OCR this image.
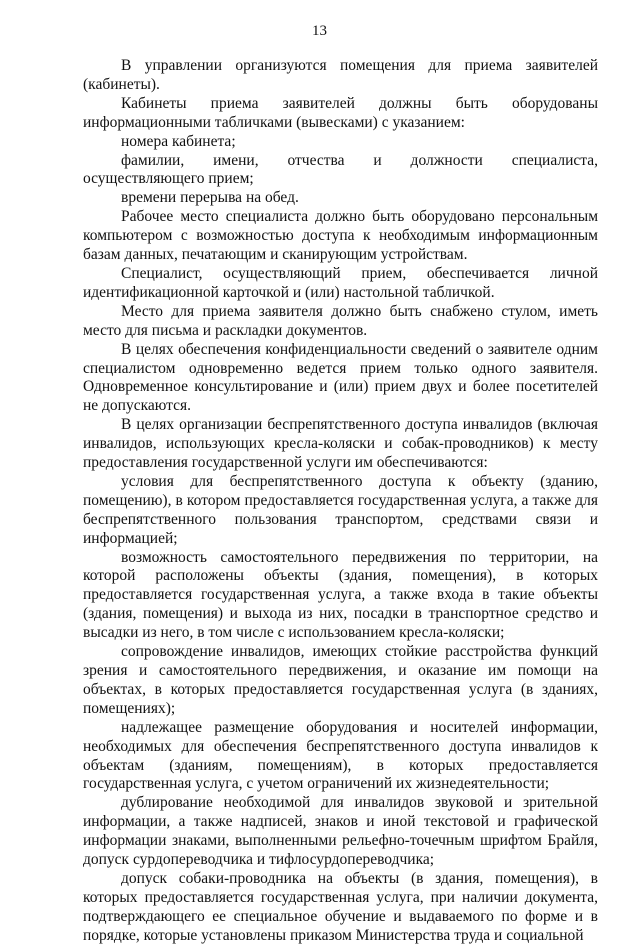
13

В управлении организуются помещения для приема заявителей (кабинеты).

Кабинеты приема заявителей должны быть оборудованы информационными табличками (вывесками) с указанием:

номера кабинета;

фамилии, имени, отчества и должности специалиста, осуществляющего прием;

времени перерыва на обед.

Рабочее место специалиста должно быть оборудовано персональным компьютером с возможностью доступа к необходимым информационным базам данных, печатающим и сканирующим устройствам.

Специалист, осуществляющий прием, обеспечивается личной идентификационной карточкой и (или) настольной табличкой.

Место для приема заявителя должно быть снабжено стулом, иметь место для письма и раскладки документов.

В целях обеспечения конфиденциальности сведений о заявителе одним специалистом одновременно ведется прием только одного заявителя. Одновременное консультирование и (или) прием двух и более посетителей не допускаются.

В целях организации беспрепятственного доступа инвалидов (включая инвалидов, использующих кресла-коляски и собак-проводников) к месту предоставления государственной услуги им обеспечиваются:

условия для беспрепятственного доступа к объекту (зданию, помещению), в котором предоставляется государственная услуга, а также для беспрепятственного пользования транспортом, средствами связи и информацией;

возможность самостоятельного передвижения по территории, на которой расположены объекты (здания, помещения), в которых предоставляется государственная услуга, а также входа в такие объекты (здания, помещения) и выхода из них, посадки в транспортное средство и высадки из него, в том числе с использованием кресла-коляски;

сопровождение инвалидов, имеющих стойкие расстройства функций зрения и самостоятельного передвижения, и оказание им помощи на объектах, в которых предоставляется государственная услуга (в зданиях, помещениях);

надлежащее размещение оборудования и носителей информации, необходимых для обеспечения беспрепятственного доступа инвалидов к объектам (зданиям, помещениям), в которых предоставляется государственная услуга, с учетом ограничений их жизнедеятельности;

дублирование необходимой для инвалидов звуковой и зрительной информации, а также надписей, знаков и иной текстовой и графической информации знаками, выполненными рельефно-точечным шрифтом Брайля, допуск сурдопереводчика и тифлосурдопереводчика;

допуск собаки-проводника на объекты (в здания, помещения), в которых предоставляется государственная услуга, при наличии документа, подтверждающего ее специальное обучение и выдаваемого по форме и в порядке, которые установлены приказом Министерства труда и социальной
